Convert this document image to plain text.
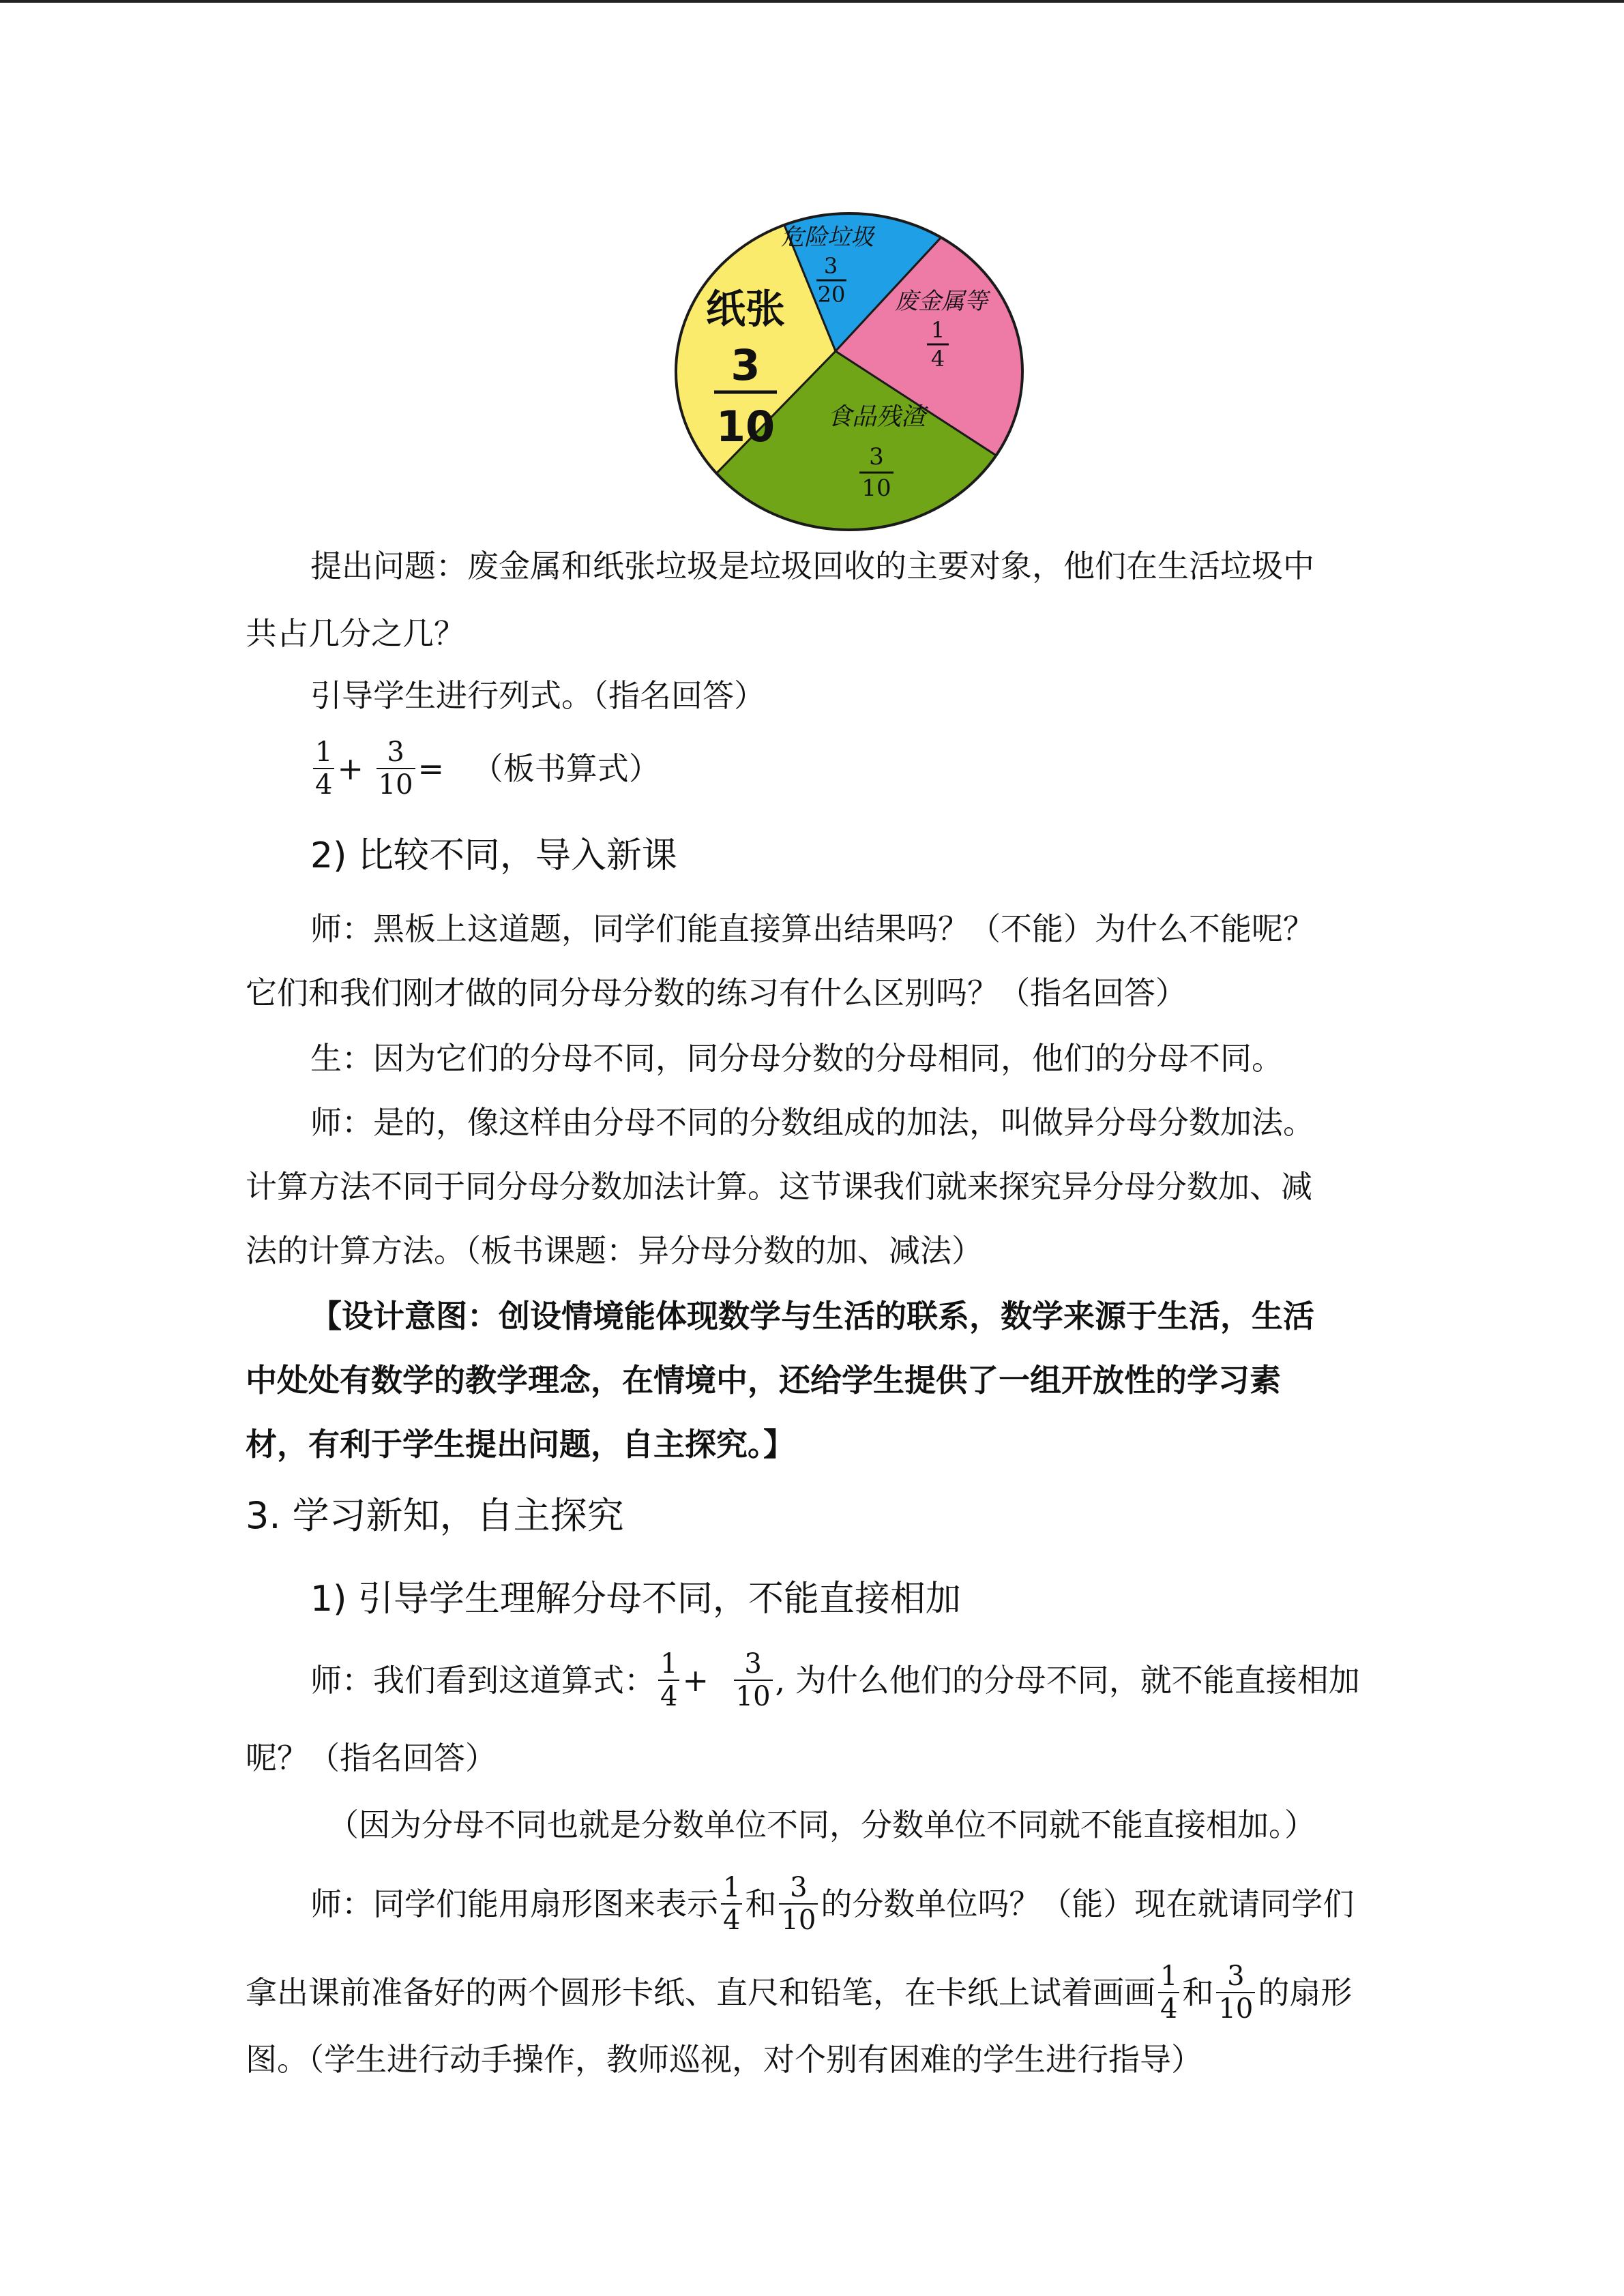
危险垃圾
3
20 废金属等
1
4
食品残渣
3
10
纸张
3
10
提出问题：废金属和纸张垃圾是垃圾回收的主要对象，他们在生活垃圾中
共占几分之几？
引导学生进行列式。（指名回答）
$\frac{1}{4} + \frac{3}{10}$ = （板书算式）
2) 比较不同，导入新课
师：黑板上这道题，同学们能直接算出结果吗？（不能）为什么不能呢？
它们和我们刚才做的同分母分数的练习有什么区别吗？（指名回答）
生：因为它们的分母不同，同分母分数的分母相同，他们的分母不同。
师：是的，像这样由分母不同的分数组成的加法，叫做异分母分数加法。
计算方法不同于同分母分数加法计算。这节课我们就来探究异分母分数加、减
法的计算方法。（板书课题：异分母分数的加、减法）
【设计意图：创设情境能体现数学与生活的联系，数学来源于生活，生活
中处处有数学的教学理念，在情境中，还给学生提供了一组开放性的学习素
材，有利于学生提出问题，自主探究。】
3. 学习新知，自主探究
1) 引导学生理解分母不同，不能直接相加
师：我们看到这道算式： $\frac{1}{4} + \frac{3}{10}$ , 为什么他们的分母不同，就不能直接相加
呢？（指名回答）
（因为分母不同也就是分数单位不同，分数单位不同就不能直接相加。）
师：同学们能用扇形图来表示 $\frac{1}{4}$ 和 $\frac{3}{10}$ 的分数单位吗？（能）现在就请同学们
拿出课前准备好的两个圆形卡纸、直尺和铅笔，在卡纸上试着画画 $\frac{1}{4}$ 和 $\frac{3}{10}$ 的扇形
图。（学生进行动手操作，教师巡视，对个别有困难的学生进行指导）
